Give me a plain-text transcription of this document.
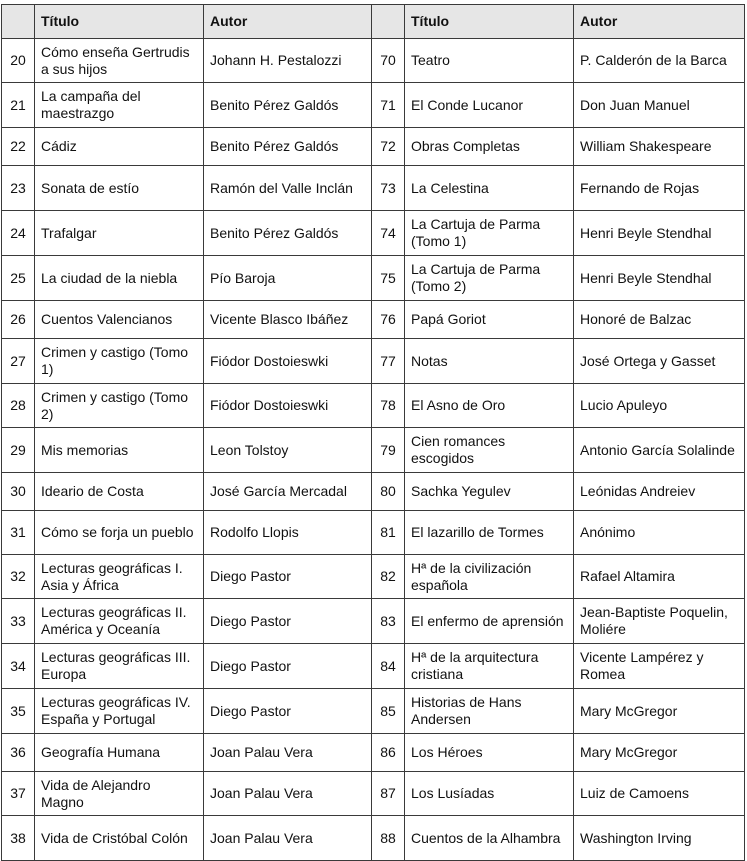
	Título	Autor		Título	Autor
20	Cómo enseña Gertrudis a sus hijos	Johann H. Pestalozzi	70	Teatro	P. Calderón de la Barca
21	La campaña del maestrazgo	Benito Pérez Galdós	71	El Conde Lucanor	Don Juan Manuel
22	Cádiz	Benito Pérez Galdós	72	Obras Completas	William Shakespeare
23	Sonata de estío	Ramón del Valle Inclán	73	La Celestina	Fernando de Rojas
24	Trafalgar	Benito Pérez Galdós	74	La Cartuja de Parma (Tomo 1)	Henri Beyle Stendhal
25	La ciudad de la niebla	Pío Baroja	75	La Cartuja de Parma (Tomo 2)	Henri Beyle Stendhal
26	Cuentos Valencianos	Vicente Blasco Ibáñez	76	Papá Goriot	Honoré de Balzac
27	Crimen y castigo (Tomo 1)	Fiódor Dostoieswki	77	Notas	José Ortega y Gasset
28	Crimen y castigo (Tomo 2)	Fiódor Dostoieswki	78	El Asno de Oro	Lucio Apuleyo
29	Mis memorias	Leon Tolstoy	79	Cien romances escogidos	Antonio García Solalinde
30	Ideario de Costa	José García Mercadal	80	Sachka Yegulev	Leónidas Andreiev
31	Cómo se forja un pueblo	Rodolfo Llopis	81	El lazarillo de Tormes	Anónimo
32	Lecturas geográficas I. Asia y África	Diego Pastor	82	Hª de la civilización española	Rafael Altamira
33	Lecturas geográficas II. América y Oceanía	Diego Pastor	83	El enfermo de aprensión	Jean-Baptiste Poquelin, Moliére
34	Lecturas geográficas III. Europa	Diego Pastor	84	Hª de la arquitectura cristiana	Vicente Lampérez y Romea
35	Lecturas geográficas IV. España y Portugal	Diego Pastor	85	Historias de Hans Andersen	Mary McGregor
36	Geografía Humana	Joan Palau Vera	86	Los Héroes	Mary McGregor
37	Vida de Alejandro Magno	Joan Palau Vera	87	Los Lusíadas	Luiz de Camoens
38	Vida de Cristóbal Colón	Joan Palau Vera	88	Cuentos de la Alhambra	Washington Irving
